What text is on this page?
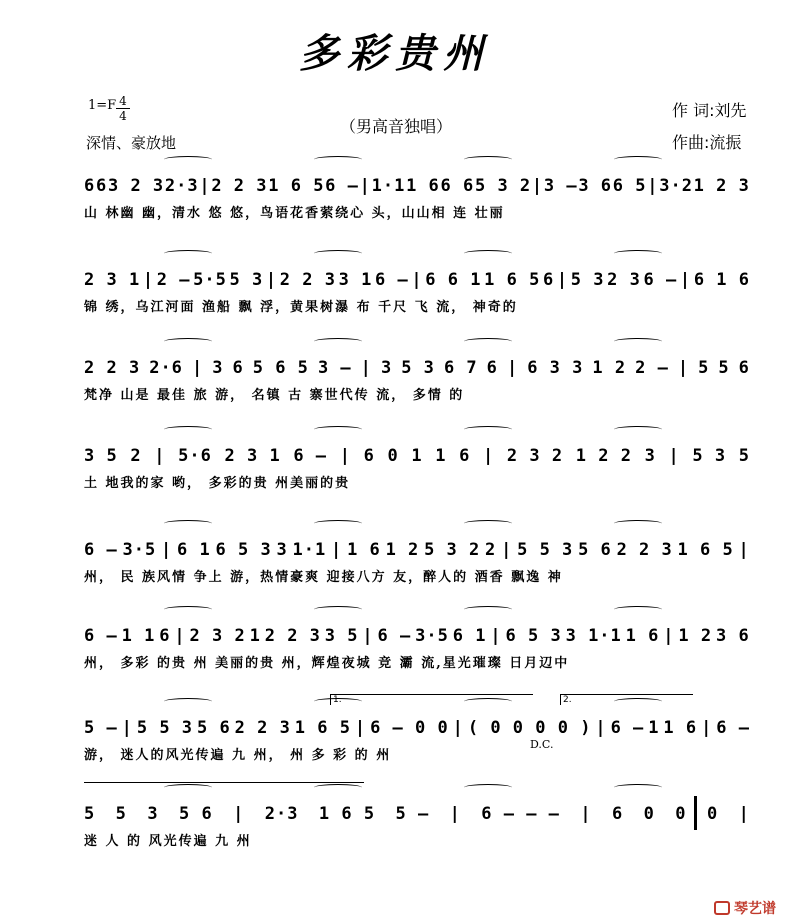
多彩贵州
1=F 4
4
深情、豪放地
（男高音独唱）
作 词:刘先
作曲:流振
6 6 3 2 3 2·3 | 2 2 3 1 6 5 6 – | 1·1 1 6 6 6 5 3 2 | 3 – 3 6 6 5 | 3·2 1 2 3
山 林幽 幽，清水 悠 悠，鸟语花香萦绕心 头，山山相 连 壮丽
2 3 1 | 2 – 5·5 5 3 | 2 2 3 3 1 6 – | 6 6 1 1 6 5 6 | 5 3 2 3 6 – | 6 1 6
锦 绣，乌江河面 渔船 飘 浮，黄果树瀑 布 千尺 飞 流， 神奇的
2 2 3 2·6 | 3 6 5 6 5 3 – | 3 5 3 6 7 6 | 6 3 3 1 2 2 – | 5 5 6
梵净 山是 最佳 旅 游， 名镇 古 寨世代传 流， 多情 的
3 5 2 | 5·6 2 3 1 6 – | 6 0 1 1 6 | 2 3 2 1 2 2 3 | 5 3 5
土 地我的家 哟， 多彩的贵 州美丽的贵
6 – 3·5 | 6 1 6 5 3 3 1·1 | 1 6 1 2 5 3 2 2 | 5 5 3 5 6 2 2 3 1 6 5 |
州， 民 族风情 争上 游，热情豪爽 迎接八方 友，醉人的 酒香 飘逸 神
6 – 1 1 6 | 2 3 2 1 2 2 3 3 5 | 6 – 3·5 6 1 | 6 5 3 3 1·1 1 6 | 1 2 3 6
州， 多彩 的贵 州 美丽的贵 州，辉煌夜城 竞 灞 流,星光璀璨 日月辺中
5 – | 5 5 3 5 6 2 2 3 1 6 5 | 6 – 0 0 | ( 0 0 0 0 ) | 6 – 1 1 6 | 6 –
游， 迷人的风光传遍 九 州， 州 多 彩 的 州
5 5 3 5 6 | 2·3 1 6 5 5 – | 6 – – – | 6 0 0 0 |
迷 人 的 风光传遍 九 州
1.	2.
D.C.
琴艺谱
